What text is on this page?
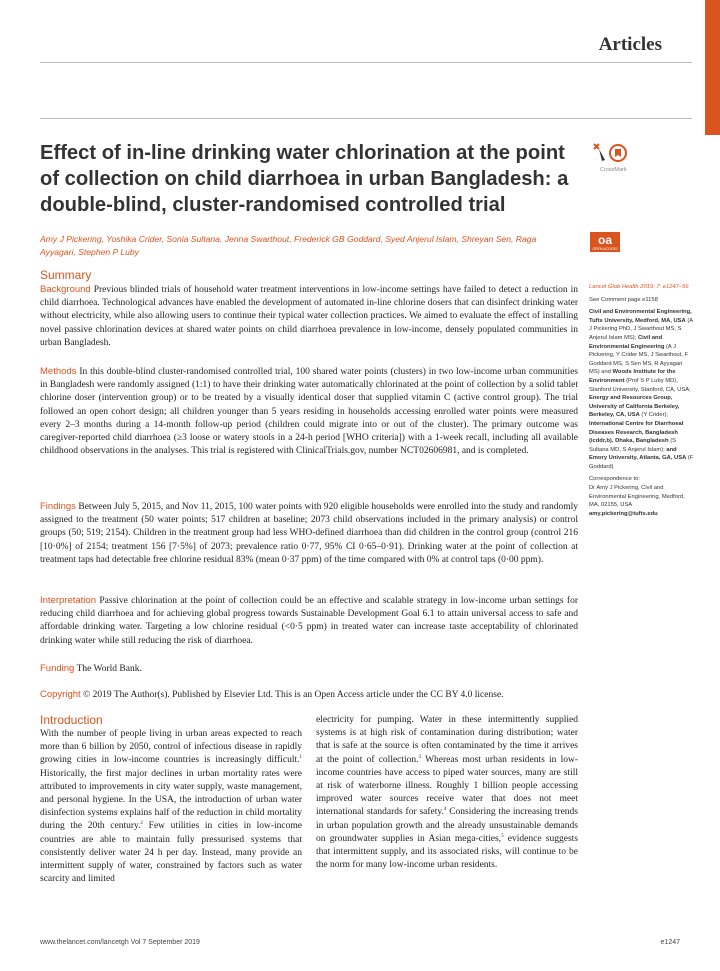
Articles
Effect of in-line drinking water chlorination at the point of collection on child diarrhoea in urban Bangladesh: a double-blind, cluster-randomised controlled trial
CrossMark
Amy J Pickering, Yoshika Crider, Sonia Sultana, Jenna Swarthout, Frederick GB Goddard, Syed Anjerul Islam, Shreyan Sen, Raga Ayyagari, Stephen P Luby
oa
OPEN ACCESS
Summary

Background Previous blinded trials of household water treatment interventions in low-income settings have failed to detect a reduction in child diarrhoea. Technological advances have enabled the development of automated in-line chlorine dosers that can disinfect drinking water without electricity, while also allowing users to continue their typical water collection practices. We aimed to evaluate the effect of installing novel passive chlorination devices at shared water points on child diarrhoea prevalence in low-income, densely populated communities in urban Bangladesh.

Methods In this double-blind cluster-randomised controlled trial, 100 shared water points (clusters) in two low-income urban communities in Bangladesh were randomly assigned (1:1) to have their drinking water automatically chlorinated at the point of collection by a solid tablet chlorine doser (intervention group) or to be treated by a visually identical doser that supplied vitamin C (active control group). The trial followed an open cohort design; all children younger than 5 years residing in households accessing enrolled water points were measured every 2–3 months during a 14-month follow-up period (children could migrate into or out of the cluster). The primary outcome was caregiver-reported child diarrhoea (≥3 loose or watery stools in a 24-h period [WHO criteria]) with a 1-week recall, including all available childhood observations in the analyses. This trial is registered with ClinicalTrials.gov, number NCT02606981, and is completed.

Findings Between July 5, 2015, and Nov 11, 2015, 100 water points with 920 eligible households were enrolled into the study and randomly assigned to the treatment (50 water points; 517 children at baseline; 2073 child observations included in the primary analysis) or control groups (50; 519; 2154). Children in the treatment group had less WHO-defined diarrhoea than did children in the control group (control 216 [10·0%] of 2154; treatment 156 [7·5%] of 2073; prevalence ratio 0·77, 95% CI 0·65–0·91). Drinking water at the point of collection at treatment taps had detectable free chlorine residual 83% (mean 0·37 ppm) of the time compared with 0% at control taps (0·00 ppm).

Interpretation Passive chlorination at the point of collection could be an effective and scalable strategy in low-income urban settings for reducing child diarrhoea and for achieving global progress towards Sustainable Development Goal 6.1 to attain universal access to safe and affordable drinking water. Targeting a low chlorine residual (<0·5 ppm) in treated water can increase taste acceptability of chlorinated drinking water while still reducing the risk of diarrhoea.

Funding The World Bank.

Copyright © 2019 The Author(s). Published by Elsevier Ltd. This is an Open Access article under the CC BY 4.0 license.

Lancet Glob Health 2019; 7: e1247–56

See Comment page e1158

Civil and Environmental Engineering, Tufts University, Medford, MA, USA (A J Pickering PhD, J Swarthout MS, S Anjerul Islam MS); Civil and Environmental Engineering (A J Pickering, Y Crider MS, J Swarthout, F Goddard MS, S Sen MS, R Ayyagari MS) and Woods Institute for the Environment (Prof S P Luby MD), Stanford University, Stanford, CA, USA; Energy and Resources Group, University of California Berkeley, Berkeley, CA, USA (Y Crider); International Centre for Diarrhoeal Diseases Research, Bangladesh (icddr,b), Dhaka, Bangladesh (S Sultana MD, S Anjerul Islam); and Emory University, Atlanta, GA, USA (F Goddard)

Correspondence to:
Dr Amy J Pickering, Civil and Environmental Engineering, Medford, MA, 02155, USA
amy.pickering@tufts.edu

Introduction

With the number of people living in urban areas expected to reach more than 6 billion by 2050, control of infectious disease in rapidly growing cities in low-income countries is increasingly difficult.$^1$ Historically, the first major declines in urban mortality rates were attributed to improvements in city water supply, waste management, and personal hygiene. In the USA, the introduction of urban water disinfection systems explains half of the reduction in child mortality during the 20th century.$^2$ Few utilities in cities in low-income countries are able to maintain fully pressurised systems that consistently deliver water 24 h per day. Instead, many provide an intermittent supply of water, constrained by factors such as water scarcity and limited

electricity for pumping. Water in these intermittently supplied systems is at high risk of contamination during distribution; water that is safe at the source is often contaminated by the time it arrives at the point of collection.$^3$ Whereas most urban residents in low-income countries have access to piped water sources, many are still at risk of waterborne illness. Roughly 1 billion people accessing improved water sources receive water that does not meet international standards for safety.$^4$ Considering the increasing trends in urban population growth and the already unsustainable demands on groundwater supplies in Asian mega-cities,$^5$ evidence suggests that intermittent supply, and its associated risks, will continue to be the norm for many low-income urban residents.

www.thelancet.com/lancetgh Vol 7 September 2019	e1247
